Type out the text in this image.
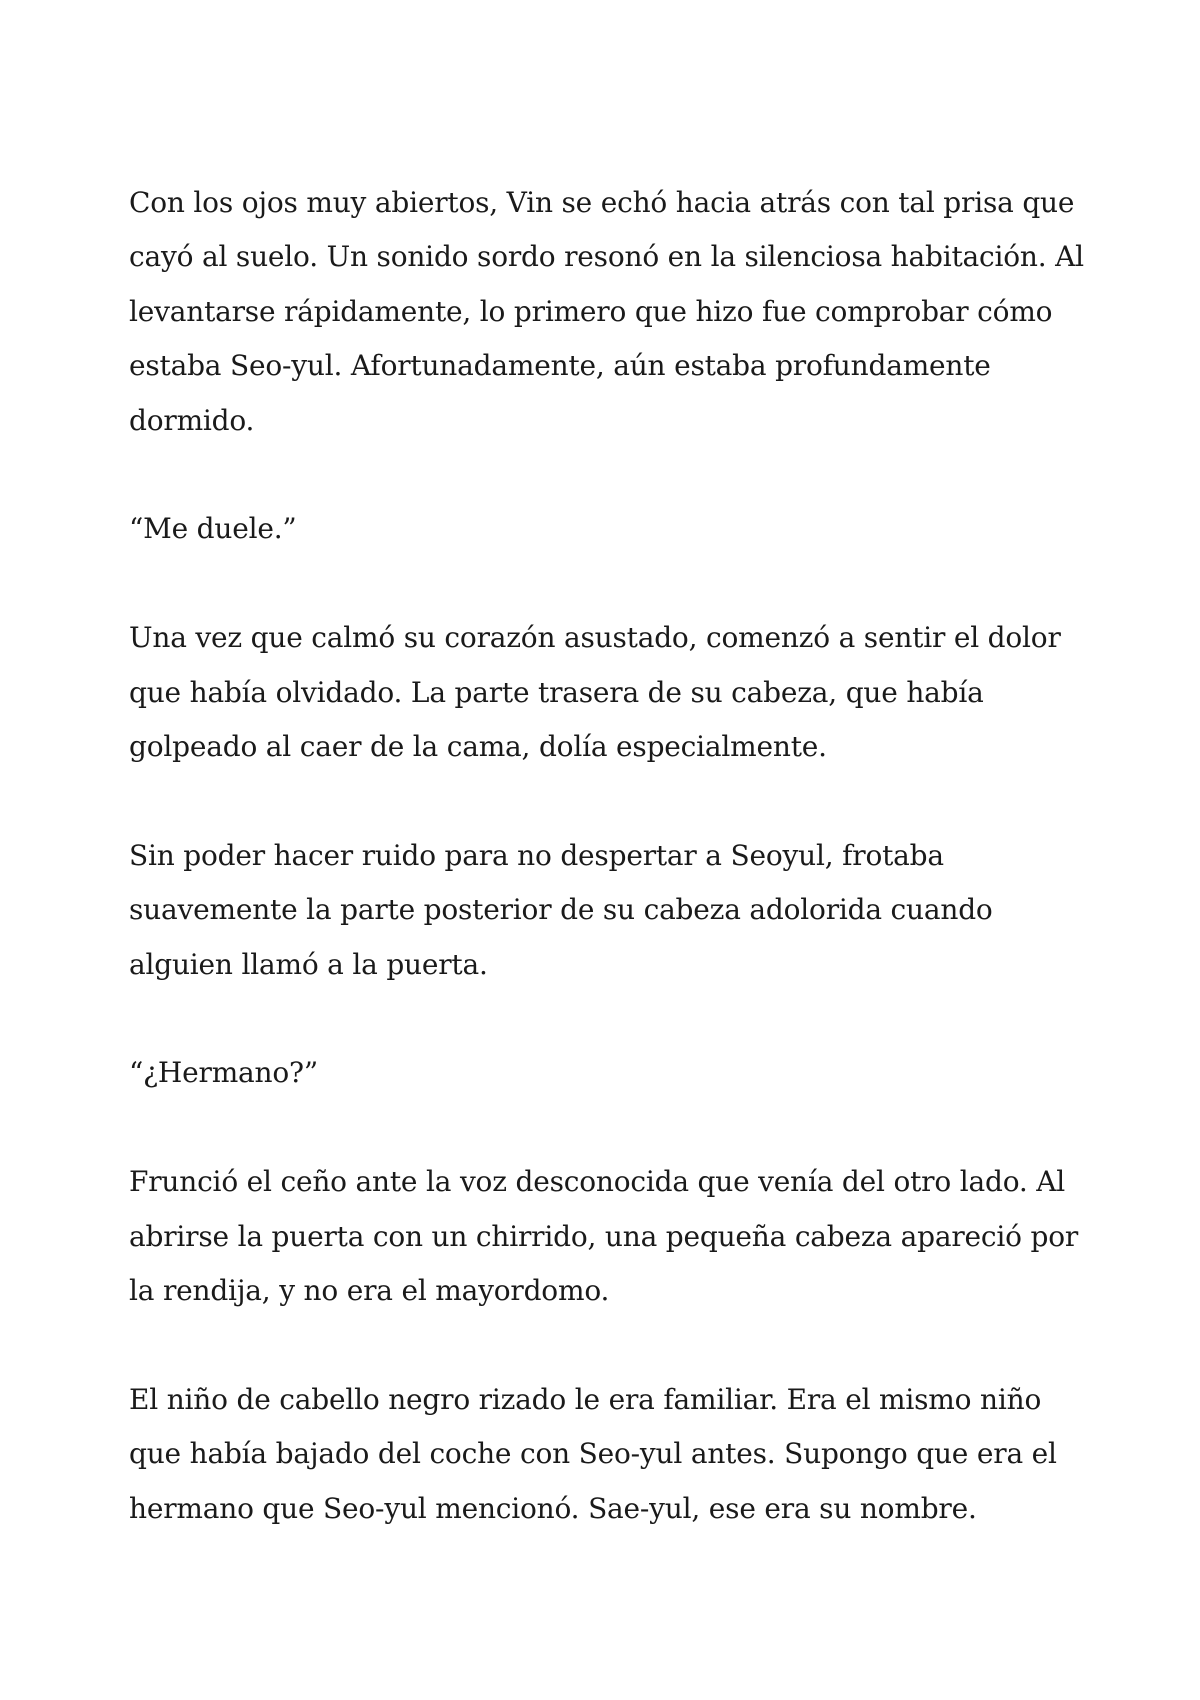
Con los ojos muy abiertos, Vin se echó hacia atrás con tal prisa que cayó al suelo. Un sonido sordo resonó en la silenciosa habitación. Al levantarse rápidamente, lo primero que hizo fue comprobar cómo estaba Seo-yul. Afortunadamente, aún estaba profundamente dormido.

“Me duele.”

Una vez que calmó su corazón asustado, comenzó a sentir el dolor que había olvidado. La parte trasera de su cabeza, que había golpeado al caer de la cama, dolía especialmente.

Sin poder hacer ruido para no despertar a Seoyul, frotaba suavemente la parte posterior de su cabeza adolorida cuando alguien llamó a la puerta.

“¿Hermano?”

Frunció el ceño ante la voz desconocida que venía del otro lado. Al abrirse la puerta con un chirrido, una pequeña cabeza apareció por la rendija, y no era el mayordomo.

El niño de cabello negro rizado le era familiar. Era el mismo niño que había bajado del coche con Seo-yul antes. Supongo que era el hermano que Seo-yul mencionó. Sae-yul, ese era su nombre.
